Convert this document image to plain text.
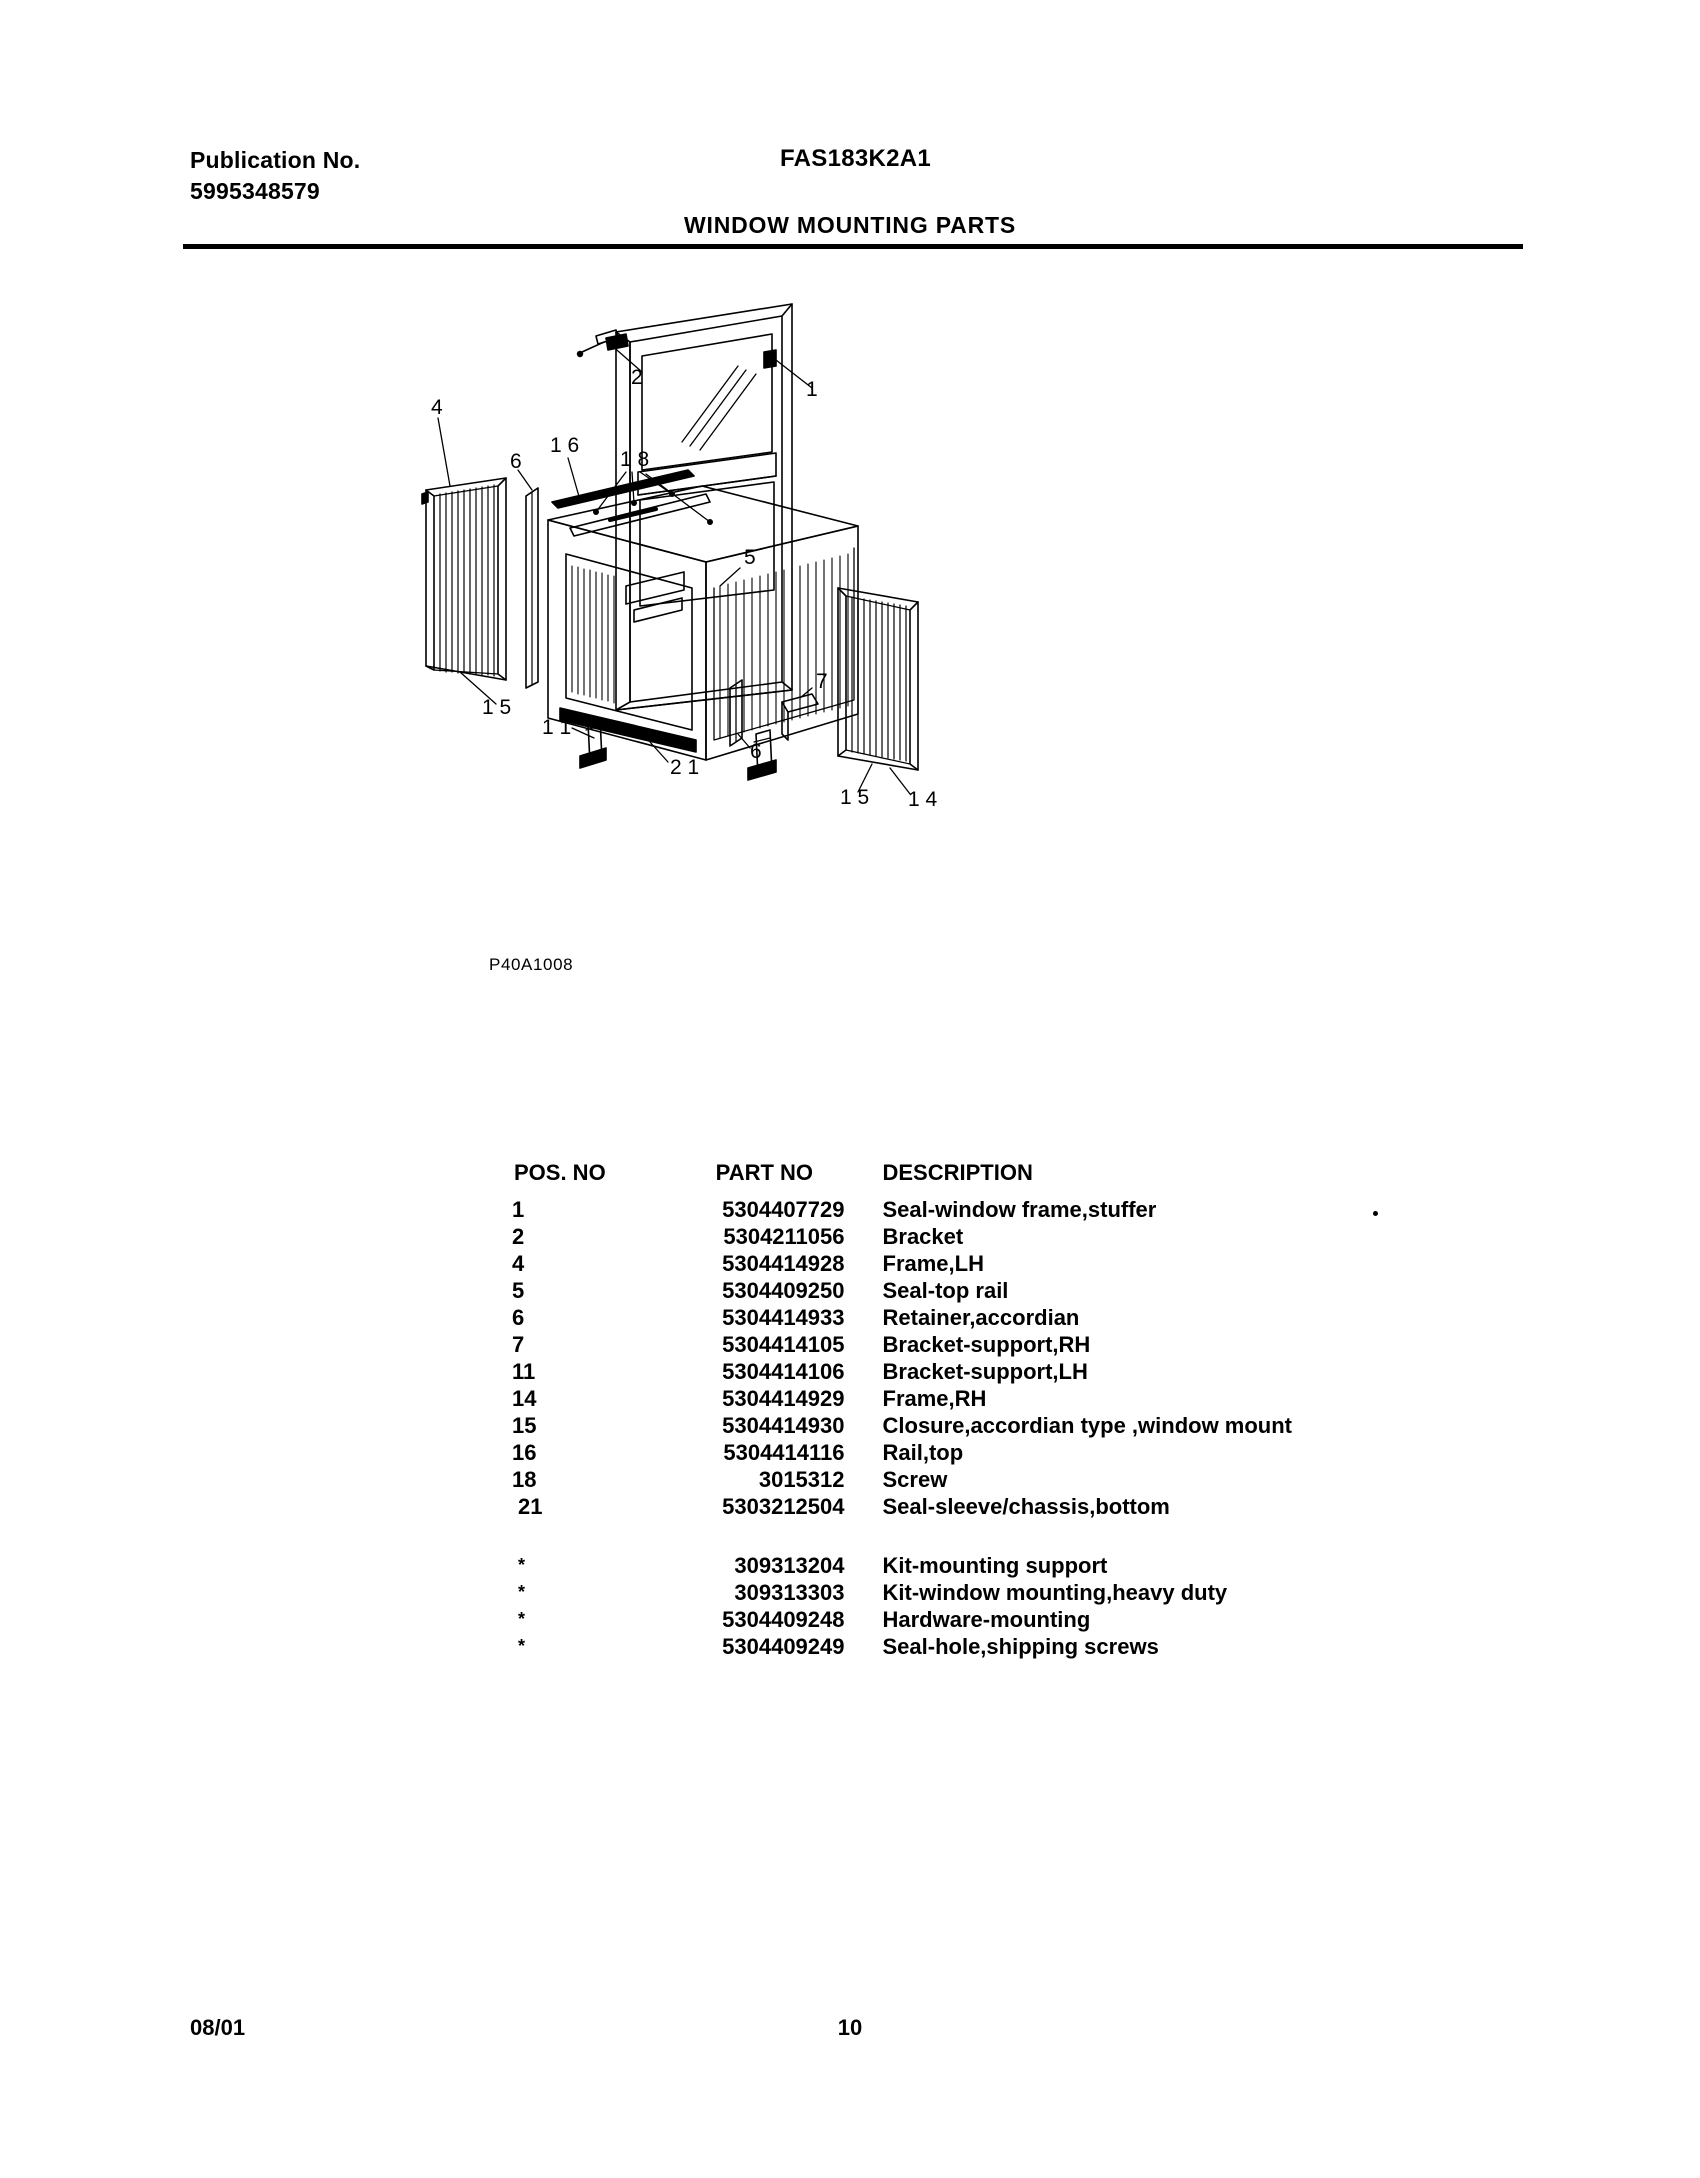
Publication No.
5995348579
FAS183K2A1
WINDOW MOUNTING PARTS
1
2
4
5
6
6
7
1 1
1 4
1 5
1 5
1 6
1 8
2 1
P40A1008
POS. NO	PART NO	DESCRIPTION
1	5304407729	Seal-window frame,stuffer
2	5304211056	Bracket
4	5304414928	Frame,LH
5	5304409250	Seal-top rail
6	5304414933	Retainer,accordian
7	5304414105	Bracket-support,RH
11	5304414106	Bracket-support,LH
14	5304414929	Frame,RH
15	5304414930	Closure,accordian type ,window mount
16	5304414116	Rail,top
18	3015312	Screw
21	5303212504	Seal-sleeve/chassis,bottom

*	309313204	Kit-mounting support
*	309313303	Kit-window mounting,heavy duty
*	5304409248	Hardware-mounting
*	5304409249	Seal-hole,shipping screws
08/01	10
